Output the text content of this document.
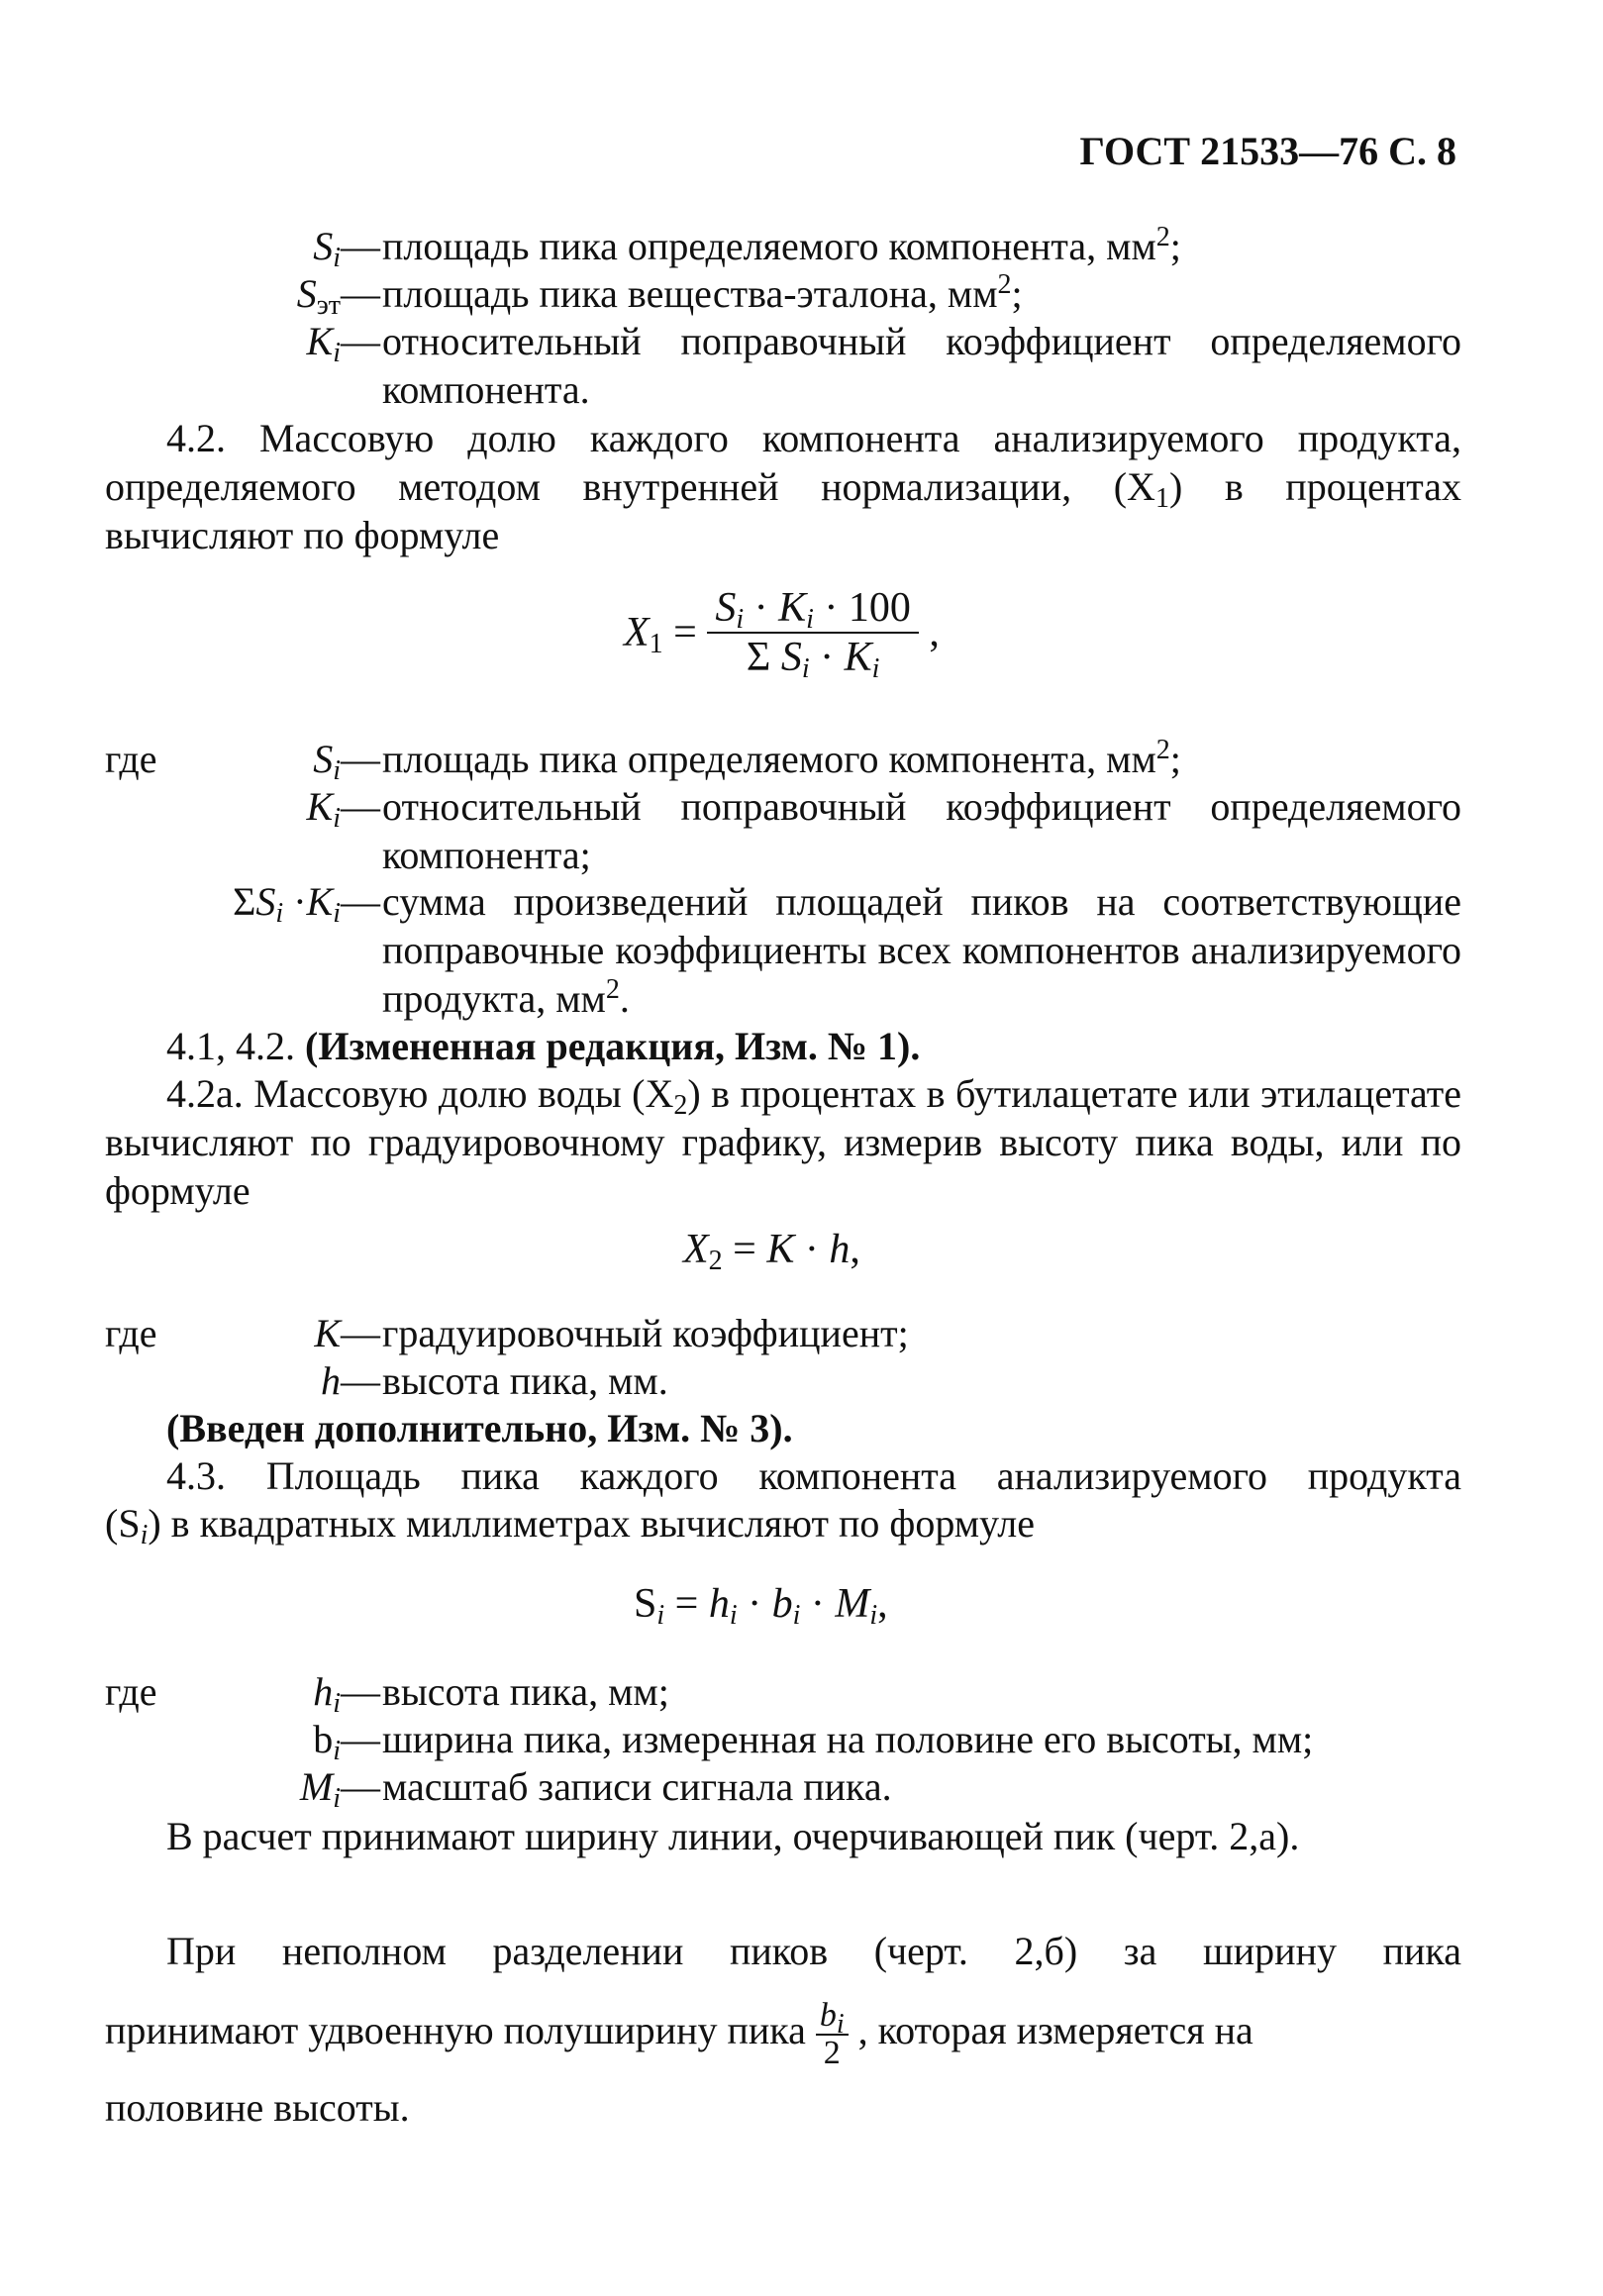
ГОСТ 21533—76 С. 8
$S_i$ — площадь пика определяемого компонента, $мм^2$;
$S_{эт}$ — площадь пика вещества-эталона, $мм^2$;
$K_i$ — относительный поправочный коэффициент определяемого компонента.
4.2. Массовую долю каждого компонента анализируемого продукта, определяемого методом внутренней нормализации, $(X_1)$ в процентах вычисляют по формуле
$X_1 = \frac{S_i \cdot K_i \cdot 100}{\Sigma S_i \cdot K_i}$ ,
где	$S_i$ — площадь пика определяемого компонента, $мм^2$;
$K_i$ — относительный поправочный коэффициент определяемого компонента;
$\Sigma S_i \cdot K_i$ — сумма произведений площадей пиков на соответствующие поправочные коэффициенты всех компонентов анализируемого продукта, $мм^2$.
4.1, 4.2. (Измененная редакция, Изм. № 1).
4.2а. Массовую долю воды $(X_2)$ в процентах в бутилацетате или этилацетате вычисляют по градуировочному графику, измерив высоту пика воды, или по формуле
$X_2 = K \cdot h$,
где	K — градуировочный коэффициент;
h — высота пика, мм.
(Введен дополнительно, Изм. № 3).
4.3. Площадь пика каждого компонента анализируемого продукта
$(S_i)$ в квадратных миллиметрах вычисляют по формуле
$S_i = h_i \cdot b_i \cdot M_i$,
где	$h_i$ — высота пика, мм;
$b_i$ — ширина пика, измеренная на половине его высоты, мм;
$M_i$ — масштаб записи сигнала пика.
В расчет принимают ширину линии, очерчивающей пик (черт. 2,а).
При неполном разделении пиков (черт. 2,б) за ширину пика
принимают удвоенную полуширину пика $\frac{b_i}{2}$ , которая измеряется на
половине высоты.
